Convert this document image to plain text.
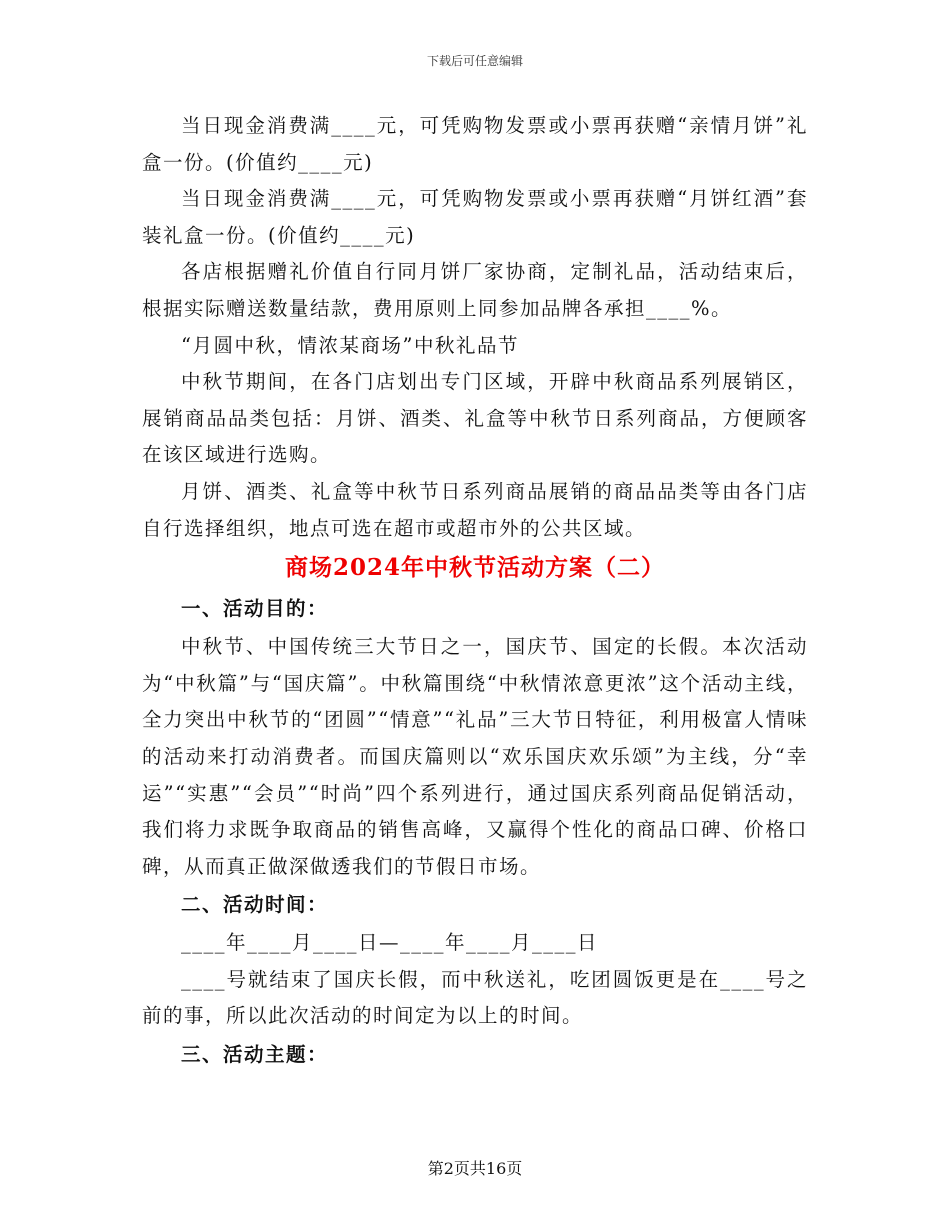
下载后可任意编辑

当日现金消费满____元，可凭购物发票或小票再获赠“亲情月饼”礼盒一份。(价值约____元)

当日现金消费满____元，可凭购物发票或小票再获赠“月饼红酒”套装礼盒一份。(价值约____元)

各店根据赠礼价值自行同月饼厂家协商，定制礼品，活动结束后，根据实际赠送数量结款，费用原则上同参加品牌各承担____%。

“月圆中秋，情浓某商场”中秋礼品节

中秋节期间，在各门店划出专门区域，开辟中秋商品系列展销区，展销商品品类包括：月饼、酒类、礼盒等中秋节日系列商品，方便顾客在该区域进行选购。

月饼、酒类、礼盒等中秋节日系列商品展销的商品品类等由各门店自行选择组织，地点可选在超市或超市外的公共区域。

商场2024年中秋节活动方案（二）

一、活动目的：

中秋节、中国传统三大节日之一，国庆节、国定的长假。本次活动为“中秋篇”与“国庆篇”。中秋篇围绕“中秋情浓意更浓”这个活动主线，全力突出中秋节的“团圆”“情意”“礼品”三大节日特征，利用极富人情味的活动来打动消费者。而国庆篇则以“欢乐国庆欢乐颂”为主线，分“幸运”“实惠”“会员”“时尚”四个系列进行，通过国庆系列商品促销活动，我们将力求既争取商品的销售高峰，又赢得个性化的商品口碑、价格口碑，从而真正做深做透我们的节假日市场。

二、活动时间：

____年____月____日—____年____月____日

____号就结束了国庆长假，而中秋送礼，吃团圆饭更是在____号之前的事，所以此次活动的时间定为以上的时间。

三、活动主题：

第2页共16页
